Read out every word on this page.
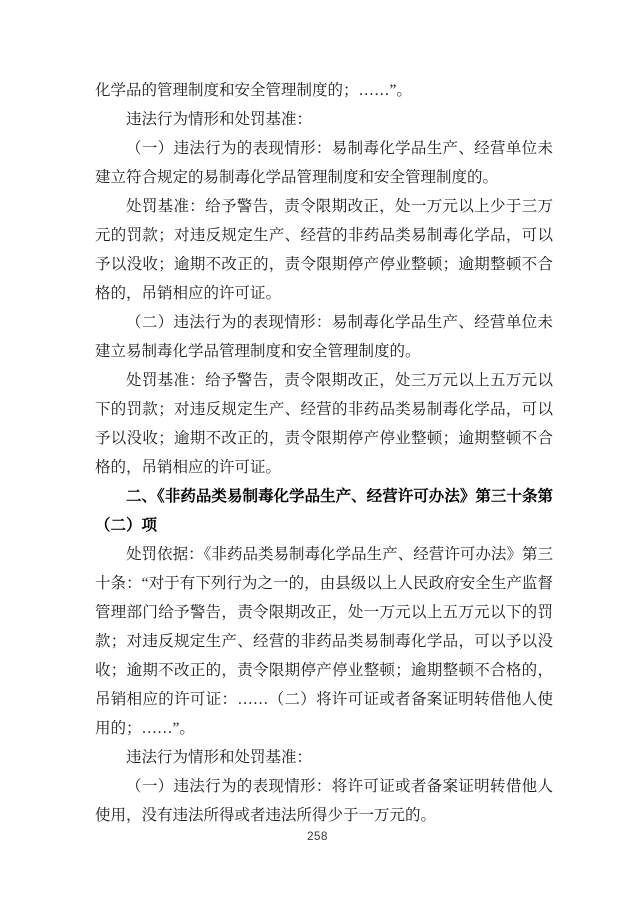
化学品的管理制度和安全管理制度的；……”。

违法行为情形和处罚基准：

（一）违法行为的表现情形：易制毒化学品生产、经营单位未建立符合规定的易制毒化学品管理制度和安全管理制度的。

处罚基准：给予警告，责令限期改正，处一万元以上少于三万元的罚款；对违反规定生产、经营的非药品类易制毒化学品，可以予以没收；逾期不改正的，责令限期停产停业整顿；逾期整顿不合格的，吊销相应的许可证。

（二）违法行为的表现情形：易制毒化学品生产、经营单位未建立易制毒化学品管理制度和安全管理制度的。

处罚基准：给予警告，责令限期改正，处三万元以上五万元以下的罚款；对违反规定生产、经营的非药品类易制毒化学品，可以予以没收；逾期不改正的，责令限期停产停业整顿；逾期整顿不合格的，吊销相应的许可证。

二、《非药品类易制毒化学品生产、经营许可办法》第三十条第（二）项

处罚依据：《非药品类易制毒化学品生产、经营许可办法》第三十条：“对于有下列行为之一的，由县级以上人民政府安全生产监督管理部门给予警告，责令限期改正，处一万元以上五万元以下的罚款；对违反规定生产、经营的非药品类易制毒化学品，可以予以没收；逾期不改正的，责令限期停产停业整顿；逾期整顿不合格的，吊销相应的许可证：……（二）将许可证或者备案证明转借他人使用的；……”。

违法行为情形和处罚基准：

（一）违法行为的表现情形：将许可证或者备案证明转借他人使用，没有违法所得或者违法所得少于一万元的。

258
